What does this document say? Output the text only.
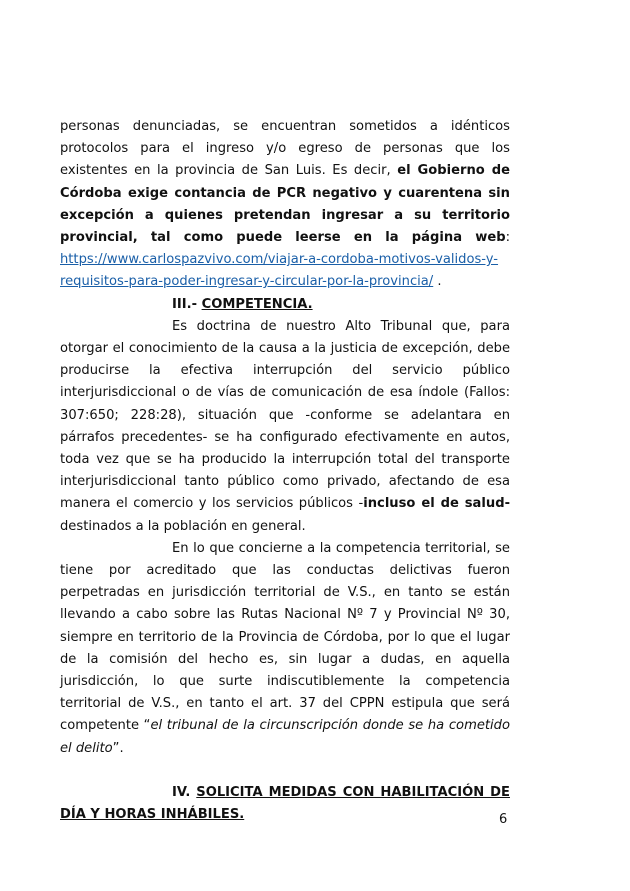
personas denunciadas, se encuentran sometidos a idénticos protocolos para el ingreso y/o egreso de personas que los existentes en la provincia de San Luis. Es decir, el Gobierno de Córdoba exige contancia de PCR negativo y cuarentena sin excepción a quienes pretendan ingresar a su territorio provincial, tal como puede leerse en la página web: https://www.carlospazvivo.com/viajar-a-cordoba-motivos-validos-y-requisitos-para-poder-ingresar-y-circular-por-la-provincia/ .

III.- COMPETENCIA.

Es doctrina de nuestro Alto Tribunal que, para otorgar el conocimiento de la causa a la justicia de excepción, debe producirse la efectiva interrupción del servicio público interjurisdiccional o de vías de comunicación de esa índole (Fallos: 307:650; 228:28), situación que -conforme se adelantara en párrafos precedentes- se ha configurado efectivamente en autos, toda vez que se ha producido la interrupción total del transporte interjurisdiccional tanto público como privado, afectando de esa manera el comercio y los servicios públicos -incluso el de salud- destinados a la población en general.

En lo que concierne a la competencia territorial, se tiene por acreditado que las conductas delictivas fueron perpetradas en jurisdicción territorial de V.S., en tanto se están llevando a cabo sobre las Rutas Nacional Nº 7 y Provincial Nº 30, siempre en territorio de la Provincia de Córdoba, por lo que el lugar de la comisión del hecho es, sin lugar a dudas, en aquella jurisdicción, lo que surte indiscutiblemente la competencia territorial de V.S., en tanto el art. 37 del CPPN estipula que será competente “el tribunal de la circunscripción donde se ha cometido el delito”.

IV. SOLICITA MEDIDAS CON HABILITACIÓN DE DÍA Y HORAS INHÁBILES.	6
